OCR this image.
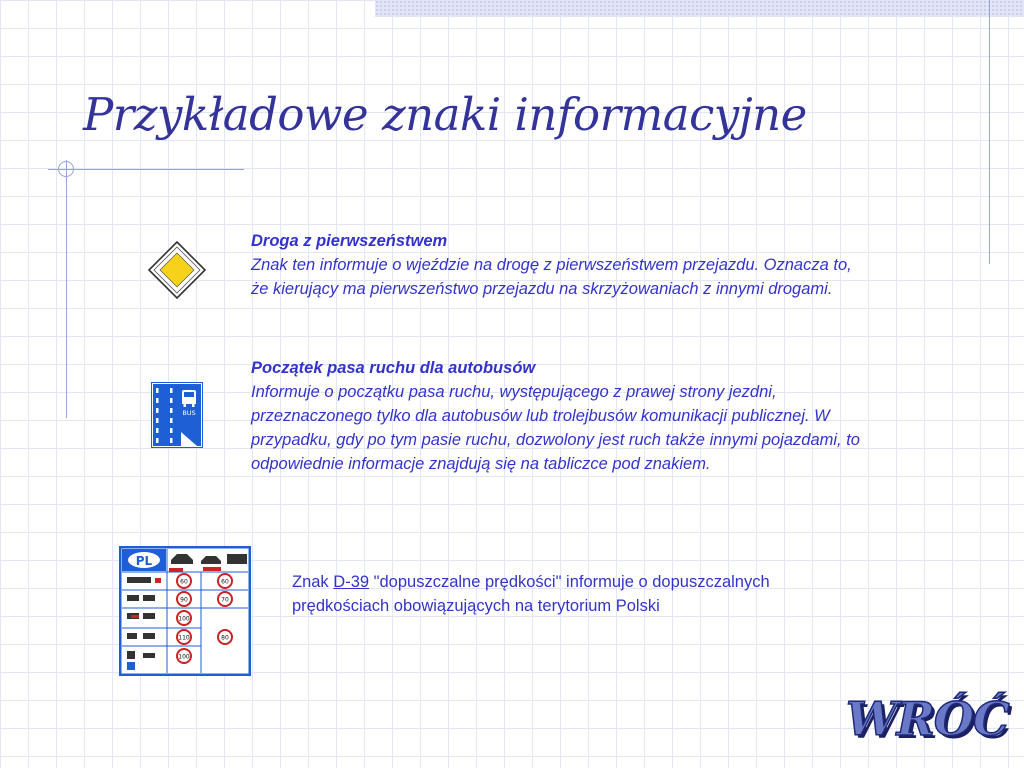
Przykładowe znaki informacyjne
Droga z pierwszeństwem
Znak ten informuje o wjeździe na drogę z pierwszeństwem przejazdu. Oznacza to, że kierujący ma pierwszeństwo przejazdu na skrzyżowaniach z innymi drogami.
BUS
Początek pasa ruchu dla autobusów
Informuje o początku pasa ruchu, występującego z prawej strony jezdni, przeznaczonego tylko dla autobusów lub trolejbusów komunikacji publicznej. W przypadku, gdy po tym pasie ruchu, dozwolony jest ruch także innymi pojazdami, to odpowiednie informacje znajdują się na tabliczce pod znakiem.
PL
60
90
100
110
100
60
70
80
Znak D-39 "dopuszczalne prędkości" informuje o dopuszczalnych prędkościach obowiązujących na terytorium Polski
WRÓĆ
